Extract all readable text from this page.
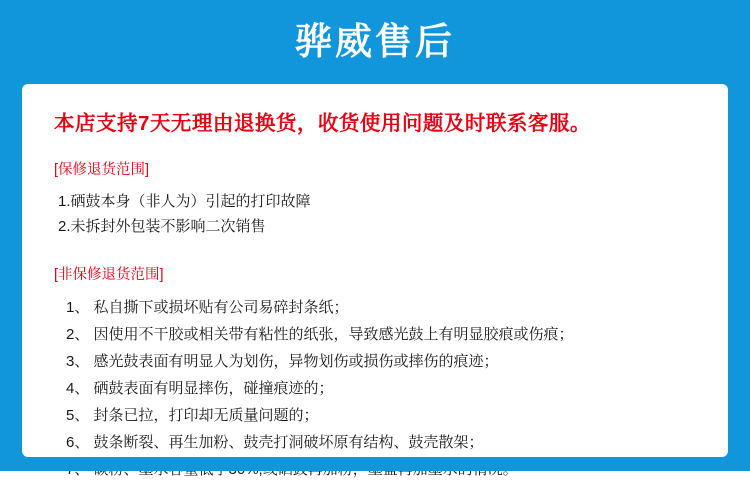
骅威售后
本店支持7天无理由退换货，收货使用问题及时联系客服。
[保修退货范围]
1.硒鼓本身（非人为）引起的打印故障
2.未拆封外包装不影响二次销售
[非保修退货范围]
1、 私自撕下或损坏贴有公司易碎封条纸；
2、 因使用不干胶或相关带有粘性的纸张，导致感光鼓上有明显胶痕或伤痕；
3、 感光鼓表面有明显人为划伤，异物划伤或损伤或摔伤的痕迹；
4、 硒鼓表面有明显摔伤，碰撞痕迹的；
5、 封条已拉，打印却无质量问题的；
6、 鼓条断裂、再生加粉、鼓壳打洞破坏原有结构、鼓壳散架；
